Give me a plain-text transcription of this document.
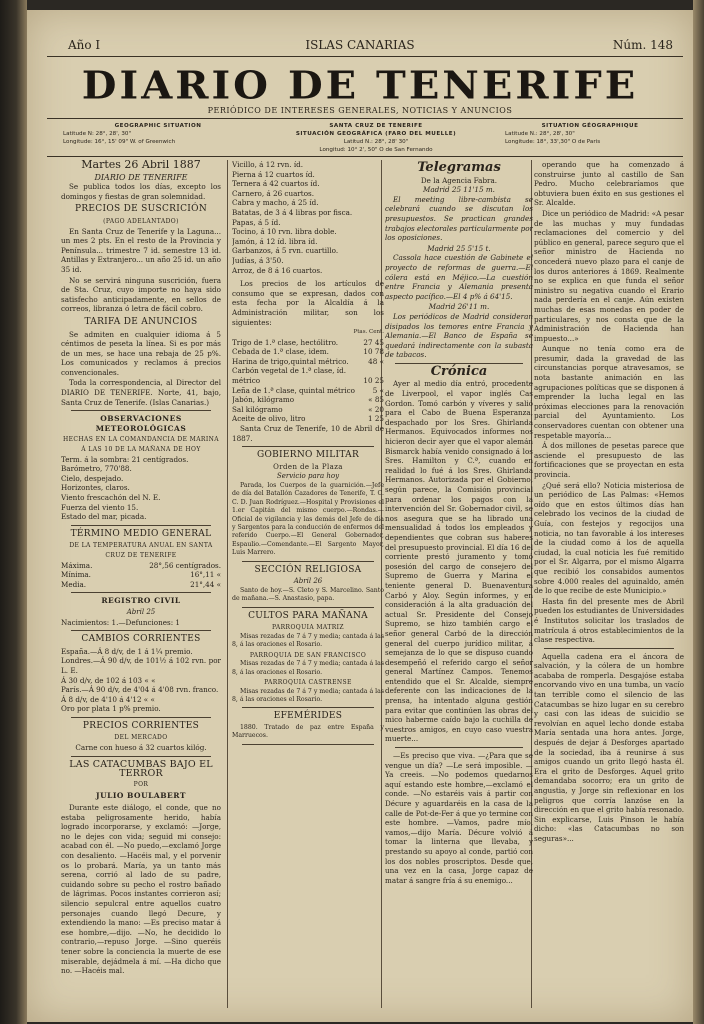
Año I	ISLAS CANARIAS	Núm. 148
DIARIO DE TENERIFE
PERIÓDICO DE INTERESES GENERALES, NOTICIAS Y ANUNCIOS
GEOGRAPHIC SITUATION
Latitude N: 28°, 28', 30"
Longitude: 16°, 15' 09" W. of Greenwich
SANTA CRUZ DE TENERIFE
SITUACIÓN GEOGRÁFICA (FARO DEL MUELLE)
Latitud N.: 28°, 28' 30"
Longitud: 10° 2', 50" O de San Fernando
SITUATION GÉOGRAPHIQUE
Latitude N.: 28°, 28', 30"
Longitude: 18°, 33',30" O de Paris
Martes 26 Abril 1887
DIARIO DE TENERIFE

Se publica todos los días, excepto los domingos y fiestas de gran solemnidad.

PRECIOS DE SUSCRICIÓN
(PAGO ADELANTADO)

En Santa Cruz de Tenerife y la Laguna... un mes 2 pts. En el resto de la Provincia y Península... trimestre 7 id. semestre 13 id. Antillas y Extranjero... un año 25 id. un año 35 id.

No se servirá ninguna suscrición, fuera de Sta. Cruz, cuyo importe no haya sido satisfecho anticipadamente, en sellos de correos, libranza ó letra de fácil cobro.

TARIFA DE ANUNCIOS

Se admiten en cualquier idioma á 5 céntimos de peseta la línea. Si es por más de un mes, se hace una rebaja de 25 p%. Los comunicados y reclamos á precios convencionales.

Toda la correspondencia, al Director del DIARIO DE TENERIFE. Norte, 41, bajo, Santa Cruz de Tenerife. (Islas Canarias.)

OBSERVACIONES METEOROLÓGICAS
HECHAS EN LA COMANDANCIA DE MARINA Á LAS 10 DE LA MAÑANA DE HOY
Term. á la sombra: 21 centígrados.
Barómetro, 770'88.
Cielo, despejado.
Horizontes, claros.
Viento frescachón del N. E.
Fuerza del viento 15.
Estado del mar, picada.
TÉRMINO MEDIO GENERAL
DE LA TEMPERATURA ANUAL EN SANTA CRUZ DE TENERIFE
Máxima.	28°,56 centígrados.
Mínima.	16°,11 «
Media.	21°,44 «
REGISTRO CIVIL
Abril 25
Nacimientos: 1.—Defunciones: 1
CAMBIOS CORRIENTES
España.—Á 8 d/v, de 1 á 1¼ premio.
Londres.—Á 90 d/v, de 101½ á 102 rvn. por L. E.
Á 30 d/v, de 102 á 103 « «
París.—Á 90 d/v, de 4'04 á 4'08 rvn. franco.
Á 8 d/v, de 4'10 á 4'12 « «
Oro por plata 1 p% premio.
PRECIOS CORRIENTES
DEL MERCADO
Carne con hueso á 32 cuartos kilóg.
LAS CATACUMBAS BAJO EL TERROR
POR
JULIO BOULABERT

Durante este diálogo, el conde, que no estaba peligrosamente herido, había logrado incorporarse, y exclamó: —Jorge, no le dejes con vida; seguid mi consejo: acabad con él. —No puedo,—exclamó Jorge con desaliento. —Hacéis mal, y el porvenir os lo probará. María, ya un tanto más serena, corrió al lado de su padre, cuidando sobre su pecho el rostro bañado de lágrimas. Pocos instantes corrieron así; silencio sepulcral entre aquellos cuatro personajes cuando llegó Decure, y extendiendo la mano: —Es preciso matar á ese hombre,—dijo. —No, he decidido lo contrario,—repuso Jorge. —Sino queréis tener sobre la conciencia la muerte de ese miserable, dejádmela á mí. —Ha dicho que no. —Hacéis mal.

Vicillo, á 12 rvn. íd.
Pierna á 12 cuartos íd.
Ternera á 42 cuartos íd.
Carnero, á 26 cuartos.
Cabra y macho, á 25 íd.
Batatas, de 3 á 4 libras por fisca.
Papas, á 5 íd.
Tocino, á 10 rvn. libra doble.
Jamón, á 12 íd. libra íd.
Garbanzos, á 5 rvn. cuartillo.
Judías, á 3'50.
Arroz, de 8 á 16 cuartos.

Los precios de los artículos de consumo que se expresan, dados con esta fecha por la Alcaldía á la Administración militar, son los siguientes:

Ptas. Cent.
Trigo de 1.ª clase, hectólitro.	27 45
Cebada de 1.ª clase, idem.	10 78
Harina de trigo,quintal métrico.	48 «
Carbón vegetal de 1.ª clase, íd.
métrico	10 25
Leña de 1.ª clase, quintal métrico 5 «
Jabón, kilógramo	« 85
Sal kilógramo	« 20
Aceite de olivo, litro	1 25

Santa Cruz de Tenerife, 10 de Abril de 1887.

GOBIERNO MILITAR
Orden de la Plaza
Servicio para hoy

Parada, los Cuerpos de la guarnición.—Jefe de día del Batallón Cazadores de Tenerife, T. C. C. D. Juan Rodríguez.—Hospital y Provisiones el 1.er Capitán del mismo cuerpo.—Rondas.—Oficial de vigilancia y las demás del Jefe de día y Sargentos para la conducción de enfermos del referido Cuerpo.—El General Gobernador, Espaulio.—Comendante.—El Sargento Mayor, Luis Marrero.

SECCIÓN RELIGIOSA
Abril 26

Santo de hoy.—S. Cleto y S. Marcelino. Santo de mañana.—S. Anastasio, papa.

CULTOS PARA MAÑANA
PARROQUIA MATRIZ

Misas rezadas de 7 á 7 y media; cantada á las 8, á las oraciones el Rosario.

PARROQUIA DE SAN FRANCISCO

Misas rezadas de 7 á 7 y media; cantada á las 8, á las oraciones el Rosario.

PARROQUIA CASTRENSE

Misas rezadas de 7 á 7 y media; cantada á las 8, á las oraciones el Rosario.

EFEMÉRIDES

1880. Tratado de paz entre España y Marruecos.

Telegramas
De la Agencia Fabra.
Madrid 25 11'15 m.

El meeting libre-cambista se celebrará cuando se discutan los presupuestos. Se practican grandes trabajos electorales particularmente por los oposiciones.

Madrid 25 5'15 t.

Cassola hace cuestión de Gabinete el proyecto de reformas de guerra.—El cólera está en Méjico.—La cuestión entre Francia y Alemania presenta aspecto pacífico.—El 4 p% á 64'15.

Madrid 26'11 m.

Los periódicos de Madrid consideran disipados los temores entre Francia y Alemania.—El Banco de España se quedará indirectamente con la subasta de tabacos.

Crónica

Ayer al medio día entró, procedente de Liverpool, el vapor inglés Cas Gordon. Tomó carbón y víveres y salió para el Cabo de Buena Esperanza, despachado por los Sres. Ghirlanda Hermanos. Equivocados informes nos hicieron decir ayer que el vapor alemán Bismarck había venido consignado á los Sres. Hamilton y C.ª, cuando en realidad lo fué á los Sres. Ghirlanda Hermanos. Autorizada por el Gobierno, según parece, la Comisión provincial para ordenar los pagos con la intervención del Sr. Gobernador civil, se nos asegura que se ha librado una mensualidad á todos los empleados y dependientes que cobran sus haberes del presupuesto provincial. El día 16 del corriente prestó juramento y tomó posesión del cargo de consejero del Supremo de Guerra y Marina el teniente general D. Buenaventura Carbó y Aloy. Según informes, y en consideración á la alta graduación del actual Sr. Presidente del Consejo Supremo, se hizo también cargo el señor general Carbó de la dirección general del cuerpo jurídico militar, á semejanza de lo que se dispuso cuando desempeñó el referido cargo el señor general Martínez Campos. Tenemos entendido que el Sr. Alcalde, siempre deferente con las indicaciones de la prensa, ha intentado alguna gestión para evitar que continúen las obras del mico haberme caído bajo la cuchilla de vuestros amigos, en cuyo caso vuestra muerte...

—Es preciso que viva. —¿Para que se vengue un día? —Le será imposible. —Ya creeis. —No podemos quedarnos aquí estando este hombre,—exclamó el conde. —No estaréis vais á partir con Décure y aguardaréis en la casa de la calle de Pot-de-Fer á que yo termine con este hombre. —Vamos, padre mío, vamos,—dijo María. Décure volvió á tomar la linterna que llevaba, y prestando su apoyo al conde, partió con los dos nobles proscriptos. Desde que, una vez en la casa, Jorge capaz de matar á sangre fría á su enemigo...

operando que ha comenzado á construirse junto al castillo de San Pedro. Mucho celebraríamos que obtuviera buen éxito en sus gestiones el Sr. Alcalde.

Dice un periódico de Madrid: «A pesar de las muchas y muy fundadas reclamaciones del comercio y del público en general, parece seguro que el señor ministro de Hacienda no concederá nuevo plazo para el canje de los duros anteriores á 1869. Realmente no se explica en que funda el señor ministro su negativa cuando el Erario nada perdería en el canje. Aún existen muchas de esas monedas en poder de particulares, y nos consta que de la Administración de Hacienda han impuesto...»

Aunque no tenía como era de presumir, dada la gravedad de las circunstancias porque atravesamos, se nota bastante animación en las agrupaciones políticas que se disponen á emprender la lucha legal en las próximas elecciones para la renovación parcial del Ayuntamiento. Los conservadores cuentan con obtener una respetable mayoría...

Á dos millones de pesetas parece que asciende el presupuesto de las fortificaciones que se proyectan en esta provincia.

¿Qué será ello? Noticia misteriosa de un periódico de Las Palmas: «Hemos oído que en estos últimos días han celebrado los vecinos de la ciudad de Guía, con festejos y regocijos una noticia, no tan favorable á los intereses de la ciudad como á los de aquella ciudad, la cual noticia les fué remitido por el Sr. Algarra, por el mismo Algarra que recibió los consabidos aumentos sobre 4.000 reales del aguinaldo, amén de lo que recibe de este Municipio.»

Hasta fin del presente mes de Abril pueden los estudiantes de Universidades é Institutos solicitar los traslados de matrícula á otros establecimientos de la clase respectiva.

Aquella cadena era el áncora de salvación, y la cólera de un hombre acababa de romperla. Desgajóse estaba encorvando vivo en una tumba, un vacío tan terrible como el silencio de las Catacumbas se hizo lugar en su cerebro y casi con las ideas de suicidio se revolvían en aquel lecho donde estaba María sentada una hora antes. Jorge, después de dejar á Desforges apartado de la sociedad, iba á reunirse á sus amigos cuando un grito llegó hasta él. Era el grito de Desforges. Aquel grito demandaba socorro; era un grito de angustia, y Jorge sin reflexionar en los peligros que corría lanzóse en la dirección en que el grito había resonado. Sin explicarse, Luis Pinson le había dicho: «las Catacumbas no son seguras»...
